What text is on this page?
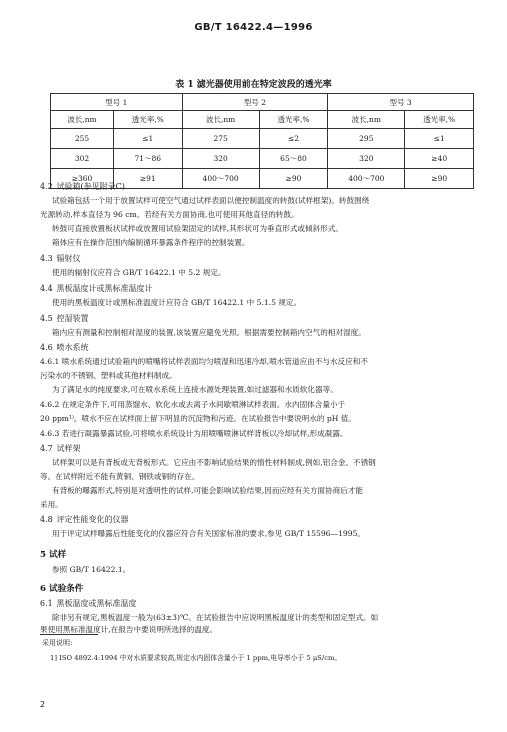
GB/T 16422.4—1996
表 1 滤光器使用前在特定波段的透光率
型号 1		型号 2		型号 3	
波长,nm	透光率,%	波长,nm	透光率,%	波长,nm	透光率,%
255	≤1	275	≤2	295	≤1
302	71～86	320	65～80	320	≥40
≥360	≥91	400～700	≥90	400～700	≥90
4.2 试验箱(参见附录C)
试验箱包括一个用于放置试样可使空气通过试样表面以便控制温度的转鼓(试样框架)。转鼓围绕
光源转动,样本直径为 96 cm。若经有关方面协商,也可使用其他直径的转鼓。
转鼓可直接放置板状试样或放置用试验架固定的试样,其形状可为垂直形式或倾斜形式。
箱体应有在操作范围内编制循环暴露条件程序的控制装置。
4.3 辐射仪
使用的辐射仪应符合 GB/T 16422.1 中 5.2 规定。
4.4 黑板温度计或黑标准温度计
使用的黑板温度计或黑标准温度计应符合 GB/T 16422.1 中 5.1.5 规定。
4.5 控湿装置
箱内应有测量和控制相对湿度的装置,该装置应避免光照。根据需要控制箱内空气的相对湿度。
4.6 喷水系统
4.6.1 喷水系统通过试验箱内的喷嘴将试样表面均匀喷湿和迅速冷却,喷水管道应由不与水反应和不
污染水的不锈钢、塑料或其他材料制成。
为了满足水的纯度要求,可在喷水系统上连接水源处理装置,如过滤器和水质软化器等。
4.6.2 在规定条件下,可用蒸馏水、软化水或去离子水间歇喷淋试样表面。水内固体含量小于
20 ppm¹⁾。喷水不应在试样面上留下明显的沉淀物和污迹。在试验报告中要说明水的 pH 值。
4.6.3 若进行凝露暴露试验,可将喷水系统设计为用喷嘴喷淋试样背板以冷却试样,形成凝露。
4.7 试样架
试样架可以是有背板或无背板形式。它应由不影响试验结果的惰性材料制成,例如,铝合金、不锈钢
等。在试样附近不能有黄铜、钢铁或铜的存在。
有背板的曝露形式,特别是对透明性的试样,可能会影响试验结果,因而应经有关方面协商后才能
采用。
4.8 评定性能变化的仪器
用于评定试样曝露后性能变化的仪器应符合有关国家标准的要求,参见 GB/T 15596—1995。
5 试样
参照 GB/T 16422.1。
6 试验条件
6.1 黑板温度或黑标准温度
除非另有规定,黑板温度一般为(63±3)℃。在试验报告中应说明黑板温度计的类型和固定型式。如
果使用黑标准温度计,在报告中要说明所选择的温度。
采用说明:
1] ISO 4892.4:1994 中对水质要求较高,规定水内固体含量小于 1 ppm,电导率小于 5 μS/cm。
2
